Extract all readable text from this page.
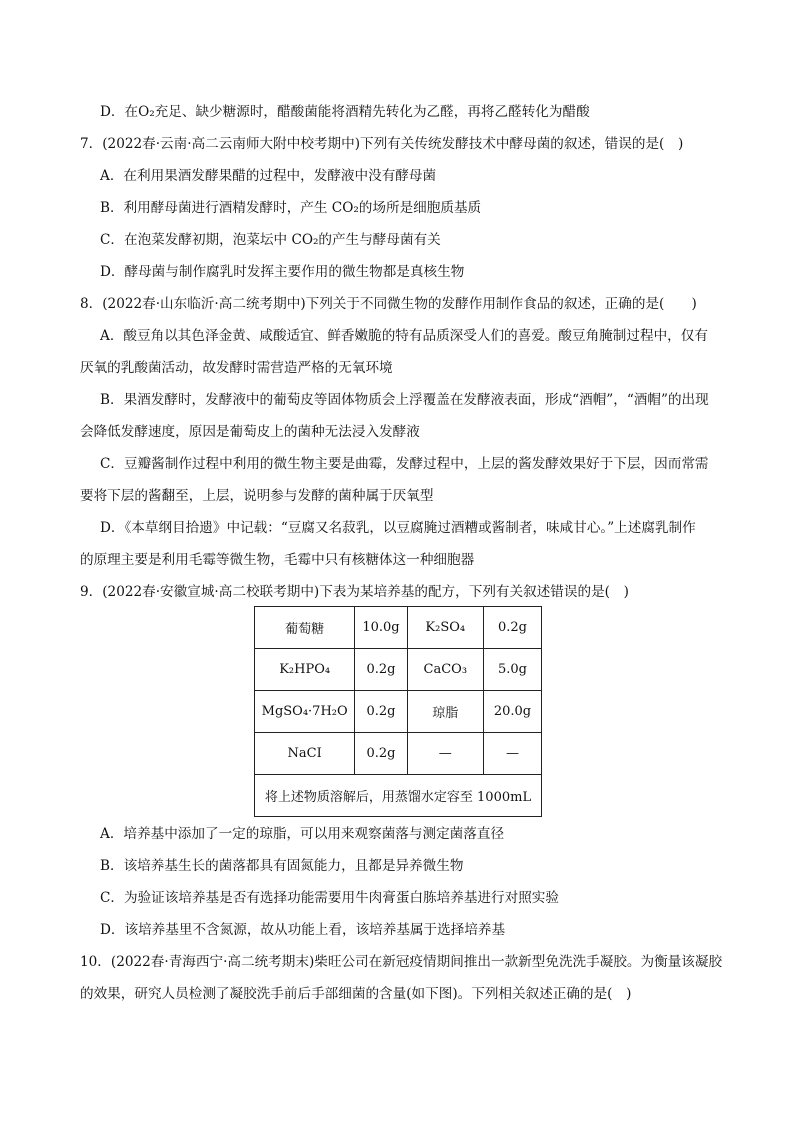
D．在O₂充足、缺少糖源时，醋酸菌能将酒精先转化为乙醛，再将乙醛转化为醋酸
7．(2022春·云南·高二云南师大附中校考期中)下列有关传统发酵技术中酵母菌的叙述，错误的是(　)
A．在利用果酒发酵果醋的过程中，发酵液中没有酵母菌
B．利用酵母菌进行酒精发酵时，产生 CO₂的场所是细胞质基质
C．在泡菜发酵初期，泡菜坛中 CO₂的产生与酵母菌有关
D．酵母菌与制作腐乳时发挥主要作用的微生物都是真核生物
8．(2022春·山东临沂·高二统考期中)下列关于不同微生物的发酵作用制作食品的叙述，正确的是(　　)
A．酸豆角以其色泽金黄、咸酸适宜、鲜香嫩脆的特有品质深受人们的喜爱。酸豆角腌制过程中，仅有
厌氧的乳酸菌活动，故发酵时需营造严格的无氧环境
B．果酒发酵时，发酵液中的葡萄皮等固体物质会上浮覆盖在发酵液表面，形成“酒帽”，“酒帽”的出现
会降低发酵速度，原因是葡萄皮上的菌种无法浸入发酵液
C．豆瓣酱制作过程中利用的微生物主要是曲霉，发酵过程中，上层的酱发酵效果好于下层，因而常需
要将下层的酱翻至，上层，说明参与发酵的菌种属于厌氧型
D．《本草纲目拾遗》中记载：“豆腐又名菽乳，以豆腐腌过酒糟或酱制者，味咸甘心。”上述腐乳制作
的原理主要是利用毛霉等微生物，毛霉中只有核糖体这一种细胞器
9．(2022春·安徽宣城·高二校联考期中)下表为某培养基的配方，下列有关叙述错误的是(　)
葡萄糖	10.0g	K₂SO₄	0.2g
K₂HPO₄	0.2g	CaCO₃	5.0g
MgSO₄·7H₂O	0.2g	琼脂	20.0g
NaCI	0.2g	—	—
将上述物质溶解后，用蒸馏水定容至 1000mL			
A．培养基中添加了一定的琼脂，可以用来观察菌落与测定菌落直径
B．该培养基生长的菌落都具有固氮能力，且都是异养微生物
C．为验证该培养基是否有选择功能需要用牛肉膏蛋白胨培养基进行对照实验
D．该培养基里不含氮源，故从功能上看，该培养基属于选择培养基
10．(2022春·青海西宁·高二统考期末)柴旺公司在新冠疫情期间推出一款新型免洗洗手凝胶。为衡量该凝胶
的效果，研究人员检测了凝胶洗手前后手部细菌的含量(如下图)。下列相关叙述正确的是(　)
